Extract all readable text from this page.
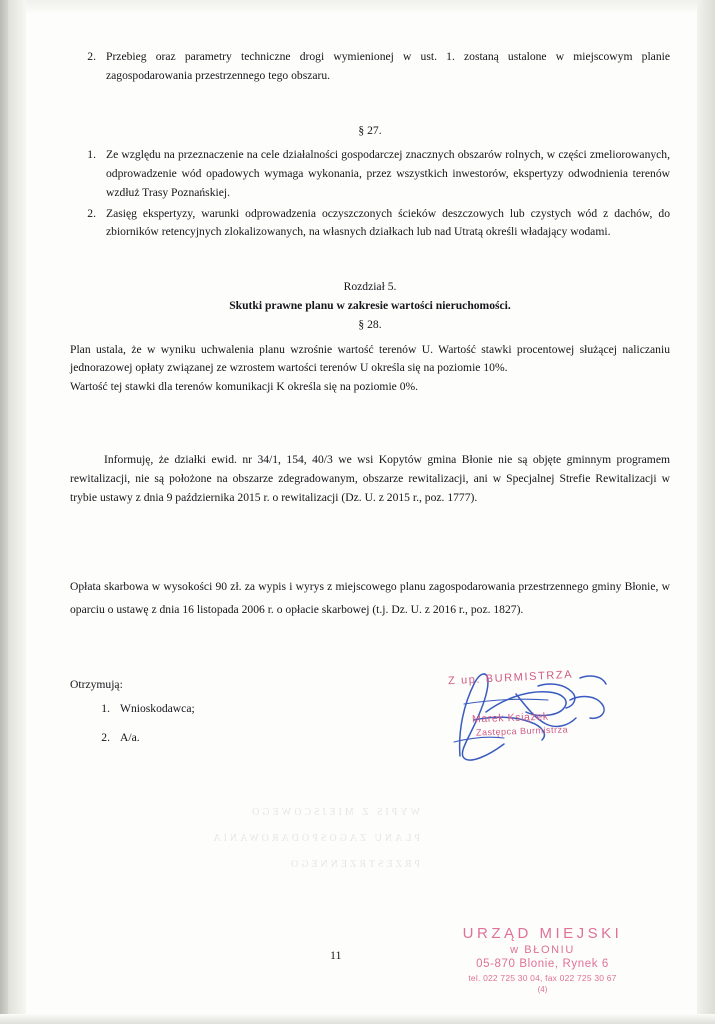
WYPIS Z MIEJSCOWEGO
PLANU ZAGOSPODAROWANIA
PRZESTRZENNEGO
2. Przebieg oraz parametry techniczne drogi wymienionej w ust. 1. zostaną ustalone w miejscowym planie zagospodarowania przestrzennego tego obszaru.
§ 27.
1. Ze względu na przeznaczenie na cele działalności gospodarczej znacznych obszarów rolnych, w części zmeliorowanych, odprowadzenie wód opadowych wymaga wykonania, przez wszystkich inwestorów, ekspertyzy odwodnienia terenów wzdłuż Trasy Poznańskiej.
2. Zasięg ekspertyzy, warunki odprowadzenia oczyszczonych ścieków deszczowych lub czystych wód z dachów, do zbiorników retencyjnych zlokalizowanych, na własnych działkach lub nad Utratą określi władający wodami.
Rozdział 5.
Skutki prawne planu w zakresie wartości nieruchomości.
§ 28.

Plan ustala, że w wyniku uchwalenia planu wzrośnie wartość terenów U. Wartość stawki procentowej służącej naliczaniu jednorazowej opłaty związanej ze wzrostem wartości terenów U określa się na poziomie 10%.

Wartość tej stawki dla terenów komunikacji K określa się na poziomie 0%.

Informuję, że działki ewid. nr 34/1, 154, 40/3 we wsi Kopytów gmina Błonie nie są objęte gminnym programem rewitalizacji, nie są położone na obszarze zdegradowanym, obszarze rewitalizacji, ani w Specjalnej Strefie Rewitalizacji w trybie ustawy z dnia 9 października 2015 r. o rewitalizacji (Dz. U. z 2015 r., poz. 1777).

Opłata skarbowa w wysokości 90 zł. za wypis i wyrys z miejscowego planu zagospodarowania przestrzennego gminy Błonie, w oparciu o ustawę z dnia 16 listopada 2006 r. o opłacie skarbowej (t.j. Dz. U. z 2016 r., poz. 1827).

Otrzymują:
1. Wnioskodawca;
2. A/a.
Z up. BURMISTRZA
Marek Książek
Zastępca Burmistrza
11
URZĄD MIEJSKI
w BŁONIU
05-870 Blonie, Rynek 6
tel. 022 725 30 04, fax 022 725 30 67
(4)
